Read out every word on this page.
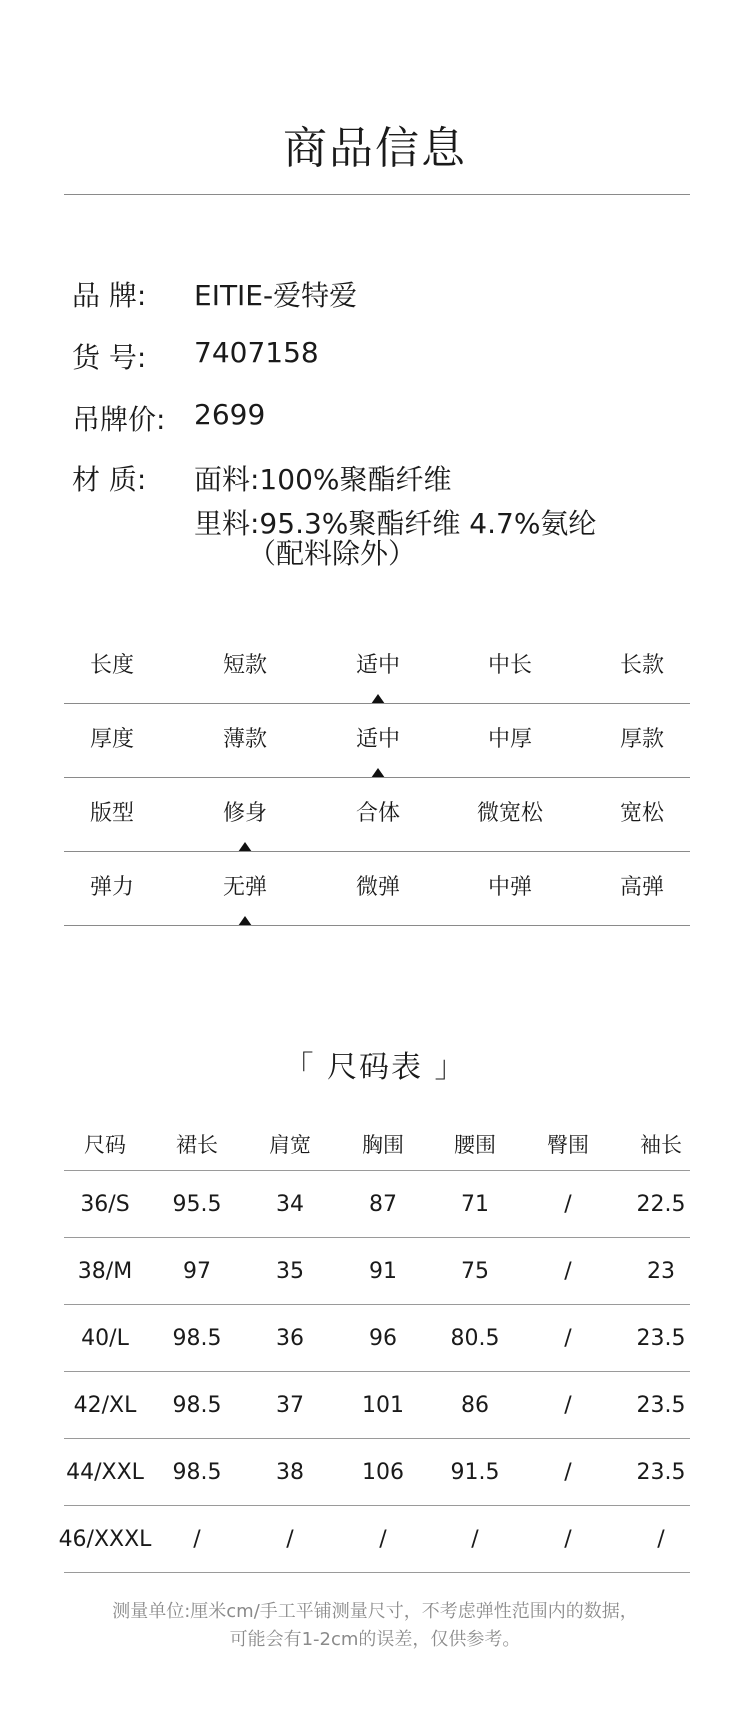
商品信息
品 牌: EITIE-爱特爱
货 号: 7407158
吊牌价: 2699
材 质: 面料:100%聚酯纤维
里料:95.3%聚酯纤维 4.7%氨纶
（配料除外）
长度	短款	适中	中长	长款
厚度	薄款	适中	中厚	厚款
版型	修身	合体	微宽松	宽松
弹力	无弹	微弹	中弹	高弹
「 尺码表 」
尺码	裙长	肩宽	胸围	腰围	臀围	袖长
36/S	95.5	34	87	71	/	22.5
38/M	97	35	91	75	/	23
40/L	98.5	36	96	80.5	/	23.5
42/XL	98.5	37	101	86	/	23.5
44/XXL	98.5	38	106	91.5	/	23.5
46/XXXL	/	/	/	/	/	/
测量单位:厘米cm/手工平铺测量尺寸，不考虑弹性范围内的数据，
可能会有1-2cm的误差，仅供参考。
